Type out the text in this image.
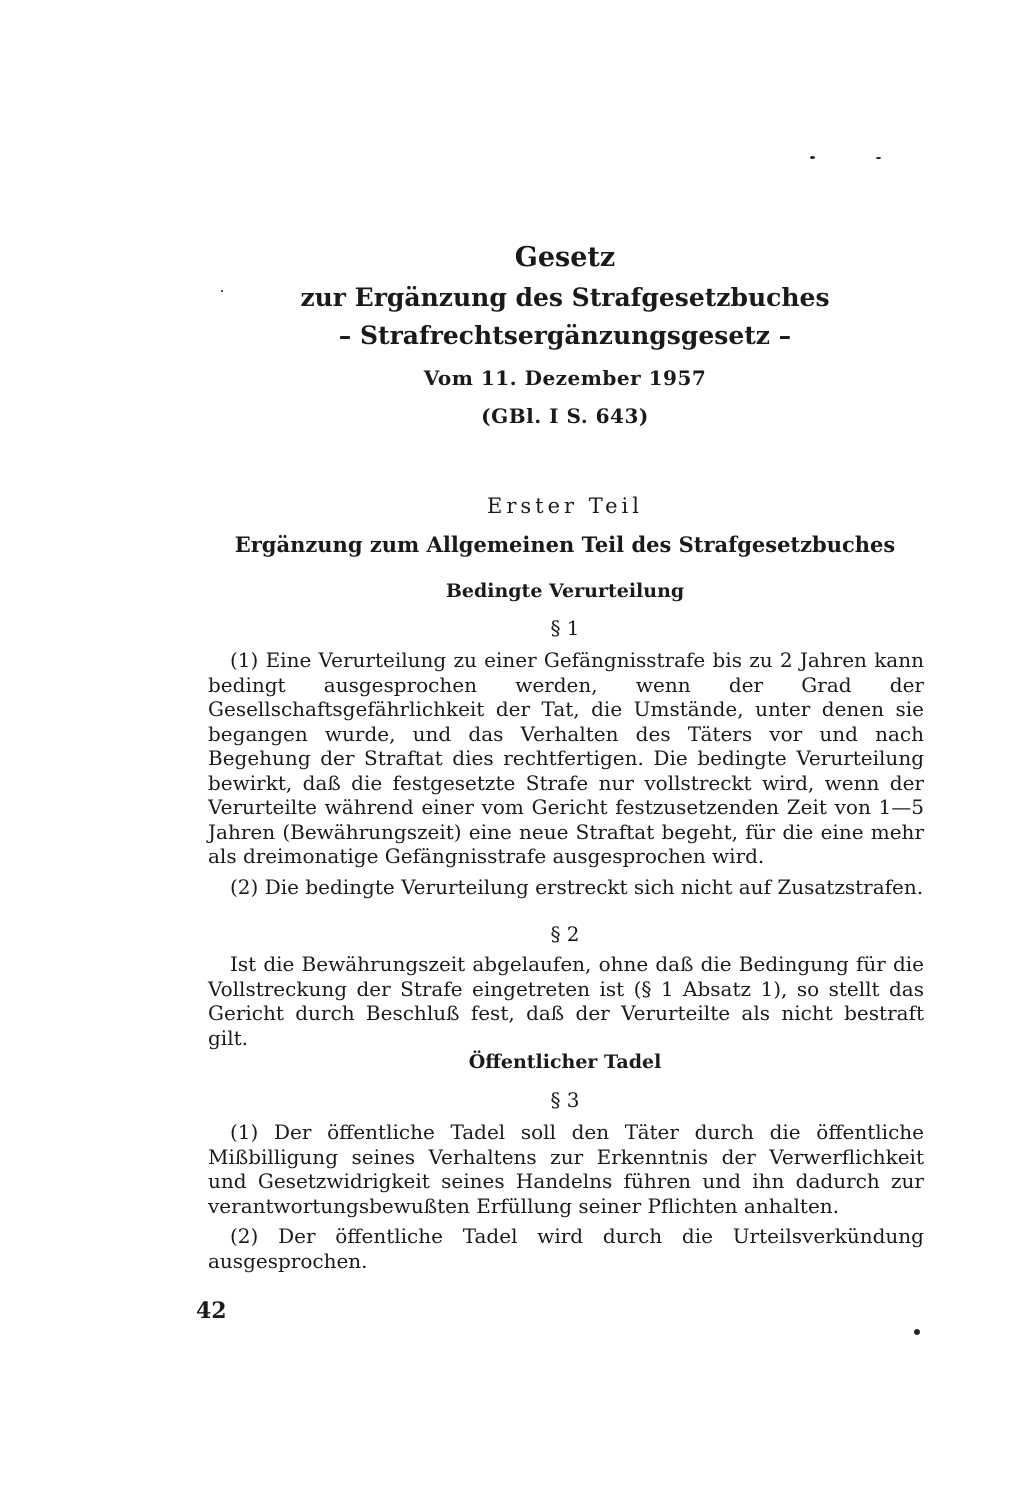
Gesetz
zur Ergänzung des Strafgesetzbuches
– Strafrechtsergänzungsgesetz –
Vom 11. Dezember 1957
(GBl. I S. 643)
Erster Teil
Ergänzung zum Allgemeinen Teil des Strafgesetzbuches
Bedingte Verurteilung
§ 1

(1) Eine Verurteilung zu einer Gefängnisstrafe bis zu 2 Jahren kann bedingt ausgesprochen werden, wenn der Grad der Gesellschaftsgefährlichkeit der Tat, die Umstände, unter denen sie begangen wurde, und das Verhalten des Täters vor und nach Begehung der Straftat dies rechtfertigen. Die bedingte Verurteilung bewirkt, daß die festgesetzte Strafe nur vollstreckt wird, wenn der Verurteilte während einer vom Gericht festzusetzenden Zeit von 1—5 Jahren (Bewährungszeit) eine neue Straftat begeht, für die eine mehr als dreimonatige Gefängnisstrafe ausgesprochen wird.

(2) Die bedingte Verurteilung erstreckt sich nicht auf Zusatzstrafen.

§ 2

Ist die Bewährungszeit abgelaufen, ohne daß die Bedingung für die Vollstreckung der Strafe eingetreten ist (§ 1 Absatz 1), so stellt das Gericht durch Beschluß fest, daß der Verurteilte als nicht bestraft gilt.

Öffentlicher Tadel
§ 3

(1) Der öffentliche Tadel soll den Täter durch die öffentliche Mißbilligung seines Verhaltens zur Erkenntnis der Verwerflichkeit und Gesetzwidrigkeit seines Handelns führen und ihn dadurch zur verantwortungsbewußten Erfüllung seiner Pflichten anhalten.

(2) Der öffentliche Tadel wird durch die Urteilsverkündung ausgesprochen.

42
